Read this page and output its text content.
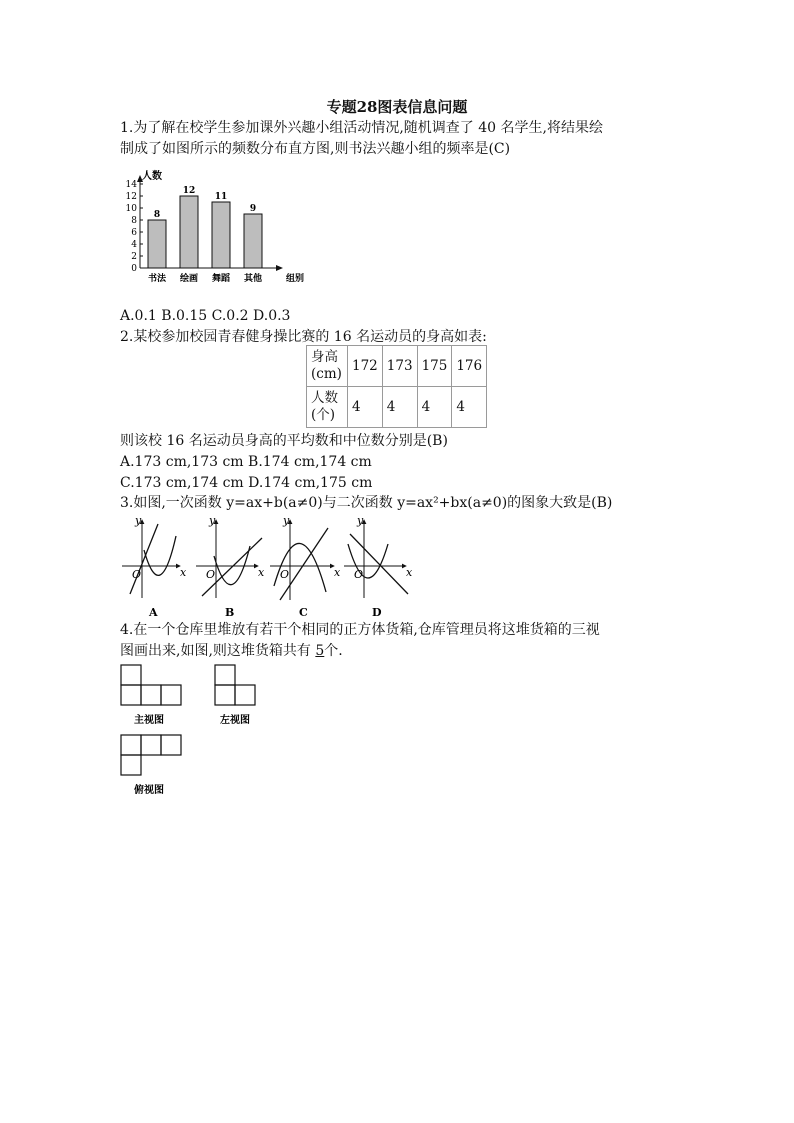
专题28图表信息问题
1.为了解在校学生参加课外兴趣小组活动情况,随机调查了 40 名学生,将结果绘
制成了如图所示的频数分布直方图,则书法兴趣小组的频率是(C)
0
2
4
6
8
10
12
14
人数
8
书法
12
绘画
11
舞蹈
9
其他	组别
A.0.1 B.0.15 C.0.2 D.0.3
2.某校参加校园青春健身操比赛的 16 名运动员的身高如表:
身高
(cm)	172	173	175	176
人数
(个)	4	4	4	4
则该校 16 名运动员身高的平均数和中位数分别是(B)
A.173 cm,173 cm B.174 cm,174 cm
C.173 cm,174 cm D.174 cm,175 cm
3.如图,一次函数 y=ax+b(a≠0)与二次函数 y=ax²+bx(a≠0)的图象大致是(B)
x
y
O
A
x
y
O
B
x
y
O
C
x
y
O
D
4.在一个仓库里堆放有若干个相同的正方体货箱,仓库管理员将这堆货箱的三视
图画出来,如图,则这堆货箱共有 5个.
主视图	左视图
俯视图
